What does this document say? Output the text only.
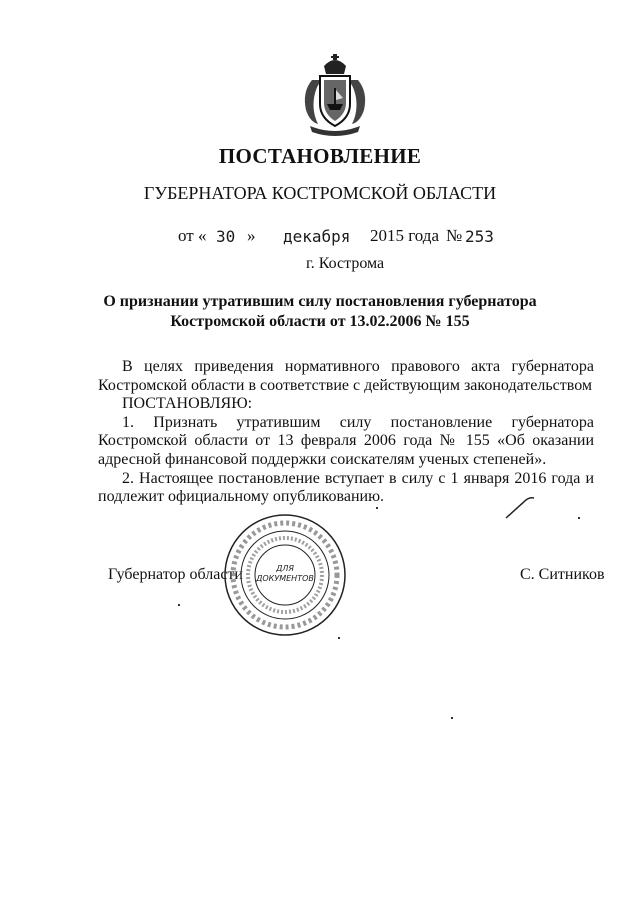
ПОСТАНОВЛЕНИЕ
ГУБЕРНАТОРА КОСТРОМСКОЙ ОБЛАСТИ
от « 30 » декабря 2015 года № 253
г. Кострома
О признании утратившим силу постановления губернатора
Костромской области от 13.02.2006 № 155

В целях приведения нормативного правового акта губернатора Костромской области в соответствие с действующим законодательством

ПОСТАНОВЛЯЮ:

1. Признать утратившим силу постановление губернатора Костромской области от 13 февраля 2006 года № 155 «Об оказании адресной финансовой поддержки соискателям ученых степеней».

2. Настоящее постановление вступает в силу с 1 января 2016 года и подлежит официальному опубликованию.

Губернатор области	С. Ситников
ДЛЯ
ДОКУМЕНТОВ
